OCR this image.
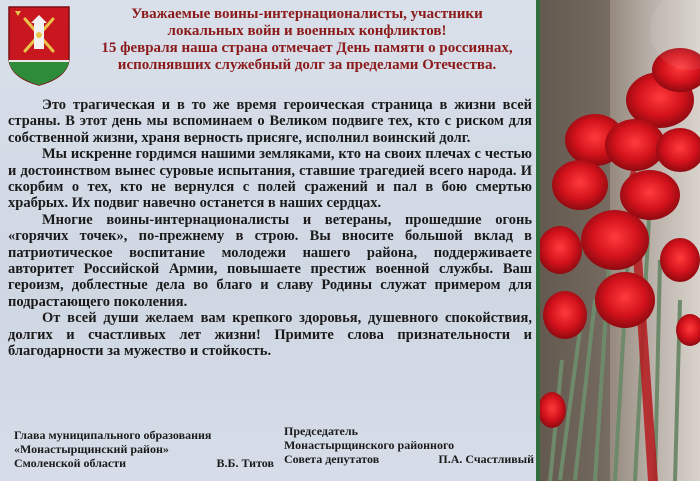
Уважаемые воины-интернационалисты, участники
локальных войн и военных конфликтов!
15 февраля наша страна отмечает День памяти о россиянах,
исполнявших служебный долг за пределами Отечества.

Это трагическая и в то же время героическая страница в жизни всей страны. В этот день мы вспоминаем о Великом подвиге тех, кто с риском для собственной жизни, храня верность присяге, исполнил воинский долг.

Мы искренне гордимся нашими земляками, кто на своих плечах с честью и достоинством вынес суровые испытания, ставшие трагедией всего народа. И скорбим о тех, кто не вернулся с полей сражений и пал в бою смертью храбрых. Их подвиг навечно останется в наших сердцах.

Многие воины-интернационалисты и ветераны, прошедшие огонь «горячих точек», по-прежнему в строю. Вы вносите большой вклад в патриотическое воспитание молодежи нашего района, поддерживаете авторитет Российской Армии, повышаете престиж военной службы. Ваш героизм, доблестные дела во благо и славу Родины служат примером для подрастающего поколения.

От всей души желаем вам крепкого здоровья, душевного спокойствия, долгих и счастливых лет жизни! Примите слова признательности и благодарности за мужество и стойкость.

Глава муниципального образования
«Монастырщинский район»
Смоленской области	В.Б. Титов
Председатель
Монастырщинского районного
Совета депутатов	П.А. Счастливый
